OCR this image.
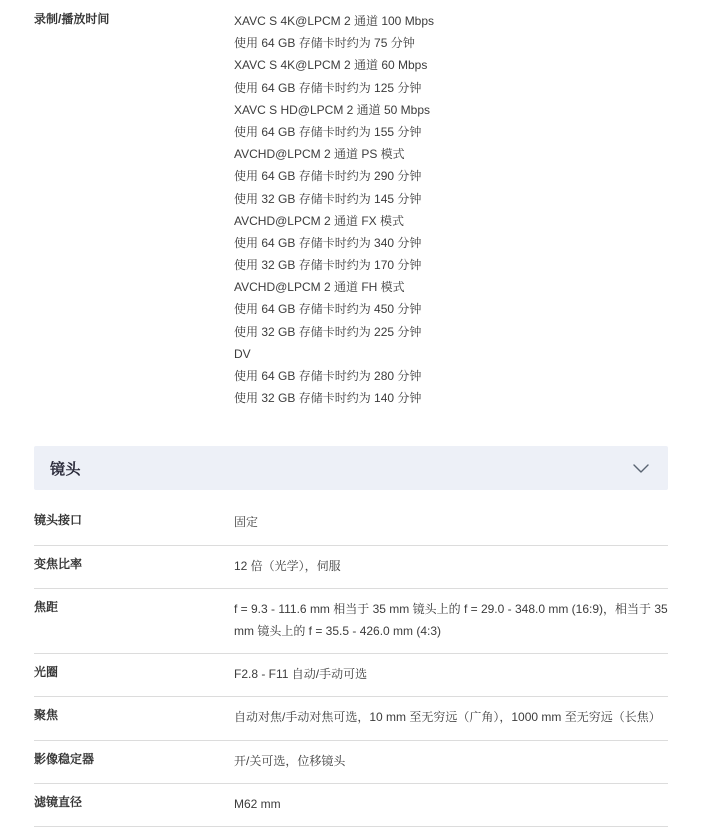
录制/播放时间	XAVC S 4K@LPCM 2 通道 100 Mbps
使用 64 GB 存储卡时约为 75 分钟
XAVC S 4K@LPCM 2 通道 60 Mbps
使用 64 GB 存储卡时约为 125 分钟
XAVC S HD@LPCM 2 通道 50 Mbps
使用 64 GB 存储卡时约为 155 分钟
AVCHD@LPCM 2 通道 PS 模式
使用 64 GB 存储卡时约为 290 分钟
使用 32 GB 存储卡时约为 145 分钟
AVCHD@LPCM 2 通道 FX 模式
使用 64 GB 存储卡时约为 340 分钟
使用 32 GB 存储卡时约为 170 分钟
AVCHD@LPCM 2 通道 FH 模式
使用 64 GB 存储卡时约为 450 分钟
使用 32 GB 存储卡时约为 225 分钟
DV
使用 64 GB 存储卡时约为 280 分钟
使用 32 GB 存储卡时约为 140 分钟
镜头
镜头接口	固定

变焦比率	12 倍（光学），伺服

焦距	f = 9.3 - 111.6 mm 相当于 35 mm 镜头上的 f = 29.0 - 348.0 mm (16:9)，相当于 35 mm 镜头上的 f = 35.5 - 426.0 mm (4:3)

光圈	F2.8 - F11 自动/手动可选

聚焦	自动对焦/手动对焦可选，10 mm 至无穷远（广角），1000 mm 至无穷远（长焦）

影像稳定器	开/关可选，位移镜头

滤镜直径	M62 mm
